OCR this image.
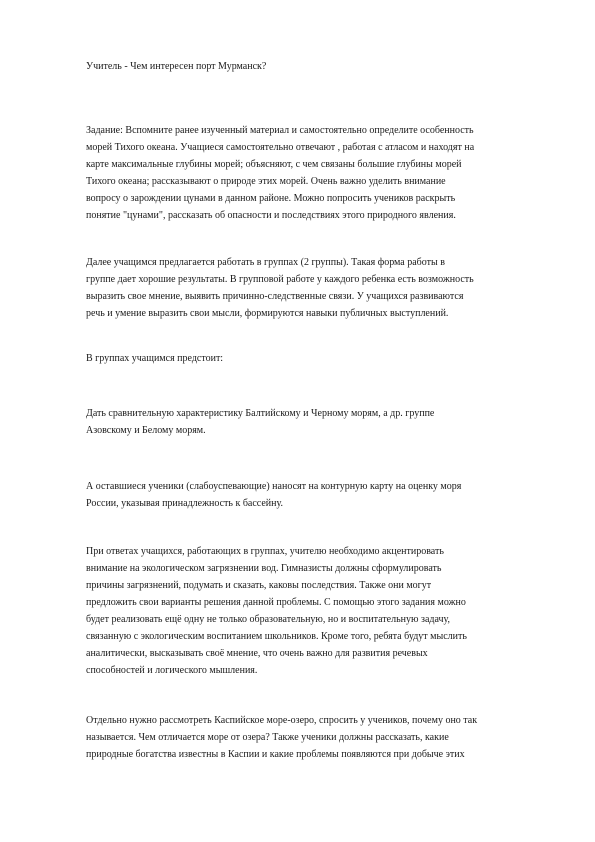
Учитель - Чем интересен порт Мурманск?

Задание: Вспомните ранее изученный материал и самостоятельно определите особенность
морей Тихого океана. Учащиеся самостоятельно отвечают , работая с атласом и находят на
карте максимальные глубины морей; объясняют, с чем связаны большие глубины морей
Тихого океана; рассказывают о природе этих морей. Очень важно уделить внимание
вопросу о зарождении цунами в данном районе. Можно попросить учеников раскрыть
понятие "цунами", рассказать об опасности и последствиях этого природного явления.

Далее учащимся предлагается работать в группах (2 группы). Такая форма работы в
группе дает хорошие результаты. В групповой работе у каждого ребенка есть возможность
выразить свое мнение, выявить причинно-следственные связи. У учащихся развиваются
речь и умение выразить свои мысли, формируются навыки публичных выступлений.

В группах учащимся предстоит:

Дать сравнительную характеристику Балтийскому и Черному морям, а др. группе
Азовскому и Белому морям.

А оставшиеся ученики (слабоуспевающие) наносят на контурную карту на оценку моря
России, указывая принадлежность к бассейну.

При ответах учащихся, работающих в группах, учителю необходимо акцентировать
внимание на экологическом загрязнении вод. Гимназисты должны сформулировать
причины загрязнений, подумать и сказать, каковы последствия. Также они могут
предложить свои варианты решения данной проблемы. С помощью этого задания можно
будет реализовать ещё одну не только образовательную, но и воспитательную задачу,
связанную с экологическим воспитанием школьников. Кроме того, ребята будут мыслить
аналитически, высказывать своё мнение, что очень важно для развития речевых
способностей и логического мышления.

Отдельно нужно рассмотреть Каспийское море-озеро, спросить у учеников, почему оно так
называется. Чем отличается море от озера? Также ученики должны рассказать, какие
природные богатства известны в Каспии и какие проблемы появляются при добыче этих
